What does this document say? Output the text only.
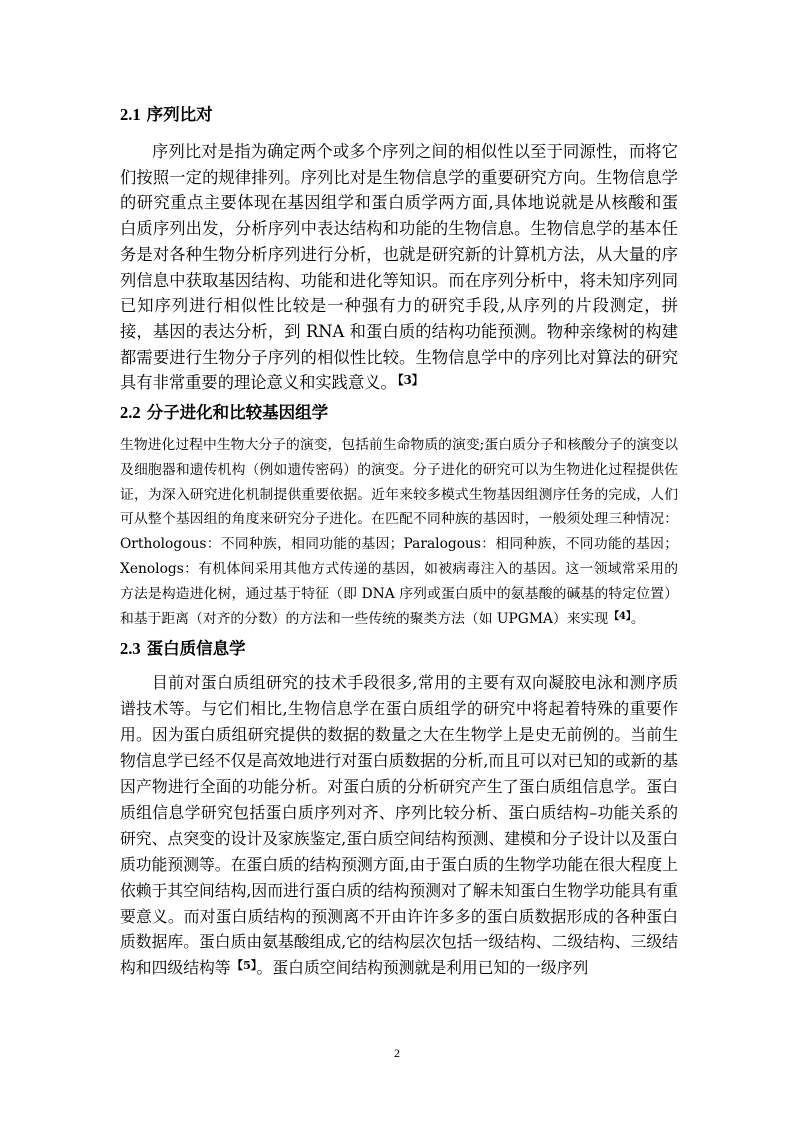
2.1 序列比对

序列比对是指为确定两个或多个序列之间的相似性以至于同源性，而将它们按照一定的规律排列。序列比对是生物信息学的重要研究方向。生物信息学的研究重点主要体现在基因组学和蛋白质学两方面,具体地说就是从核酸和蛋白质序列出发，分析序列中表达结构和功能的生物信息。生物信息学的基本任务是对各种生物分析序列进行分析，也就是研究新的计算机方法，从大量的序列信息中获取基因结构、功能和进化等知识。而在序列分析中，将未知序列同已知序列进行相似性比较是一种强有力的研究手段,从序列的片段测定，拼接，基因的表达分析，到 RNA 和蛋白质的结构功能预测。物种亲缘树的构建都需要进行生物分子序列的相似性比较。生物信息学中的序列比对算法的研究具有非常重要的理论意义和实践意义。$^{【3】}$

2.2 分子进化和比较基因组学

生物进化过程中生物大分子的演变，包括前生命物质的演变;蛋白质分子和核酸分子的演变以及细胞器和遗传机构（例如遗传密码）的演变。分子进化的研究可以为生物进化过程提供佐证，为深入研究进化机制提供重要依据。近年来较多模式生物基因组测序任务的完成，人们可从整个基因组的角度来研究分子进化。在匹配不同种族的基因时，一般须处理三种情况：Orthologous：不同种族，相同功能的基因；Paralogous：相同种族，不同功能的基因；Xenologs：有机体间采用其他方式传递的基因，如被病毒注入的基因。这一领域常采用的方法是构造进化树，通过基于特征（即 DNA 序列或蛋白质中的氨基酸的碱基的特定位置）和基于距离（对齐的分数）的方法和一些传统的聚类方法（如 UPGMA）来实现$^{【4】}$。

2.3 蛋白质信息学

目前对蛋白质组研究的技术手段很多,常用的主要有双向凝胶电泳和测序质谱技术等。与它们相比,生物信息学在蛋白质组学的研究中将起着特殊的重要作用。因为蛋白质组研究提供的数据的数量之大在生物学上是史无前例的。当前生物信息学已经不仅是高效地进行对蛋白质数据的分析,而且可以对已知的或新的基因产物进行全面的功能分析。对蛋白质的分析研究产生了蛋白质组信息学。蛋白质组信息学研究包括蛋白质序列对齐、序列比较分析、蛋白质结构–功能关系的研究、点突变的设计及家族鉴定,蛋白质空间结构预测、建模和分子设计以及蛋白质功能预测等。在蛋白质的结构预测方面,由于蛋白质的生物学功能在很大程度上依赖于其空间结构,因而进行蛋白质的结构预测对了解未知蛋白生物学功能具有重要意义。而对蛋白质结构的预测离不开由许许多多的蛋白质数据形成的各种蛋白质数据库。蛋白质由氨基酸组成,它的结构层次包括一级结构、二级结构、三级结构和四级结构等$^{【5】}$。蛋白质空间结构预测就是利用已知的一级序列

2
